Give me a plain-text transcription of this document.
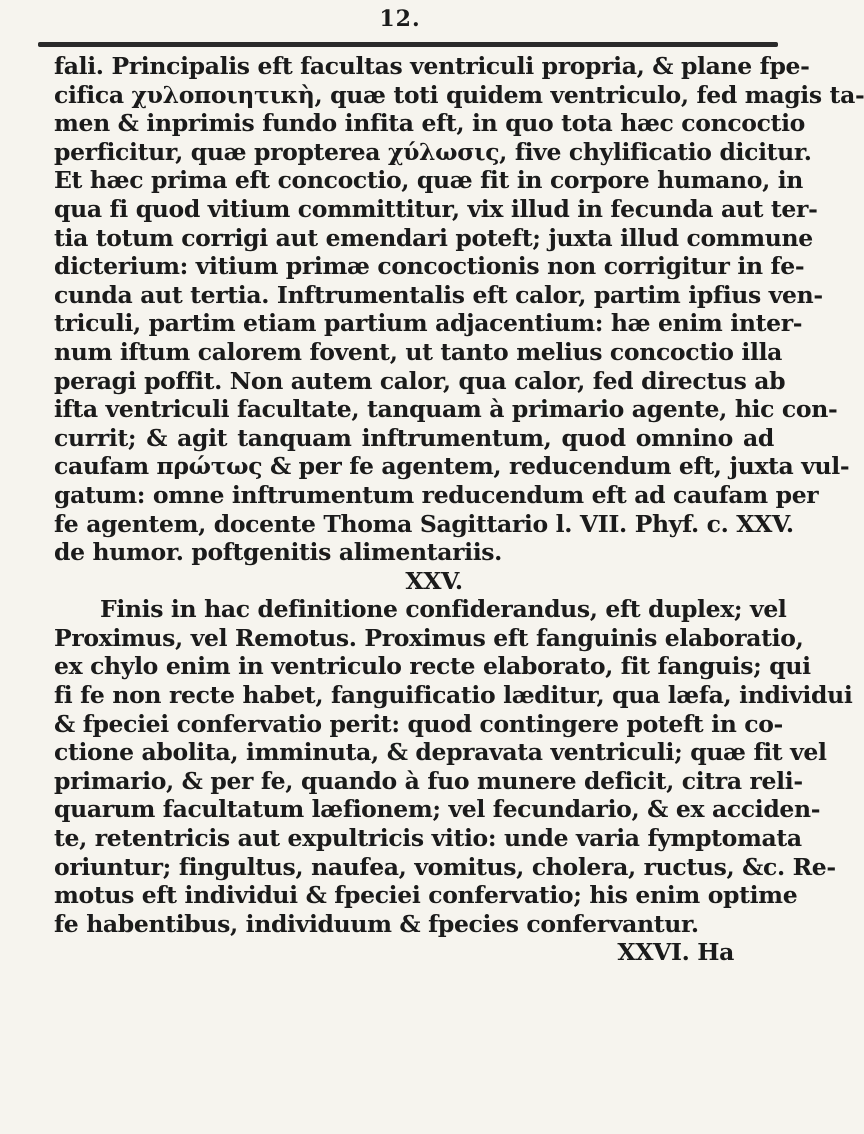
12.
fali. Principalis eft facultas ventriculi propria, & plane fpe-
cifica χυλοποιητικὴ, quæ toti quidem ventriculo, fed magis ta-
men & inprimis fundo infita eft, in quo tota hæc concoctio
perficitur, quæ propterea χύλωσις, five chylificatio dicitur.
Et hæc prima eft concoctio, quæ fit in corpore humano, in
qua fi quod vitium committitur, vix illud in fecunda aut ter-
tia totum corrigi aut emendari poteft; juxta illud commune
dicterium: vitium primæ concoctionis non corrigitur in fe-
cunda aut tertia. Inftrumentalis eft calor, partim ipfius ven-
triculi, partim etiam partium adjacentium: hæ enim inter-
num iftum calorem fovent, ut tanto melius concoctio illa
peragi poffit. Non autem calor, qua calor, fed directus ab
ifta ventriculi facultate, tanquam à primario agente, hic con-
currit; & agit tanquam inftrumentum, quod omnino ad
caufam πρώτως & per fe agentem, reducendum eft, juxta vul-
gatum: omne inftrumentum reducendum eft ad caufam per
fe agentem, docente Thoma Sagittario l. VII. Phyf. c. XXV.
de humor. poftgenitis alimentariis.
XXV.
Finis in hac definitione confiderandus, eft duplex; vel
Proximus, vel Remotus. Proximus eft fanguinis elaboratio,
ex chylo enim in ventriculo recte elaborato, fit fanguis; qui
fi fe non recte habet, fanguificatio læditur, qua læfa, individui
& fpeciei confervatio perit: quod contingere poteft in co-
ctione abolita, imminuta, & depravata ventriculi; quæ fit vel
primario, & per fe, quando à fuo munere deficit, citra reli-
quarum facultatum læfionem; vel fecundario, & ex acciden-
te, retentricis aut expultricis vitio: unde varia fymptomata
oriuntur; fingultus, naufea, vomitus, cholera, ructus, &c. Re-
motus eft individui & fpeciei confervatio; his enim optime
fe habentibus, individuum & fpecies confervantur.
XXVI. Ha
